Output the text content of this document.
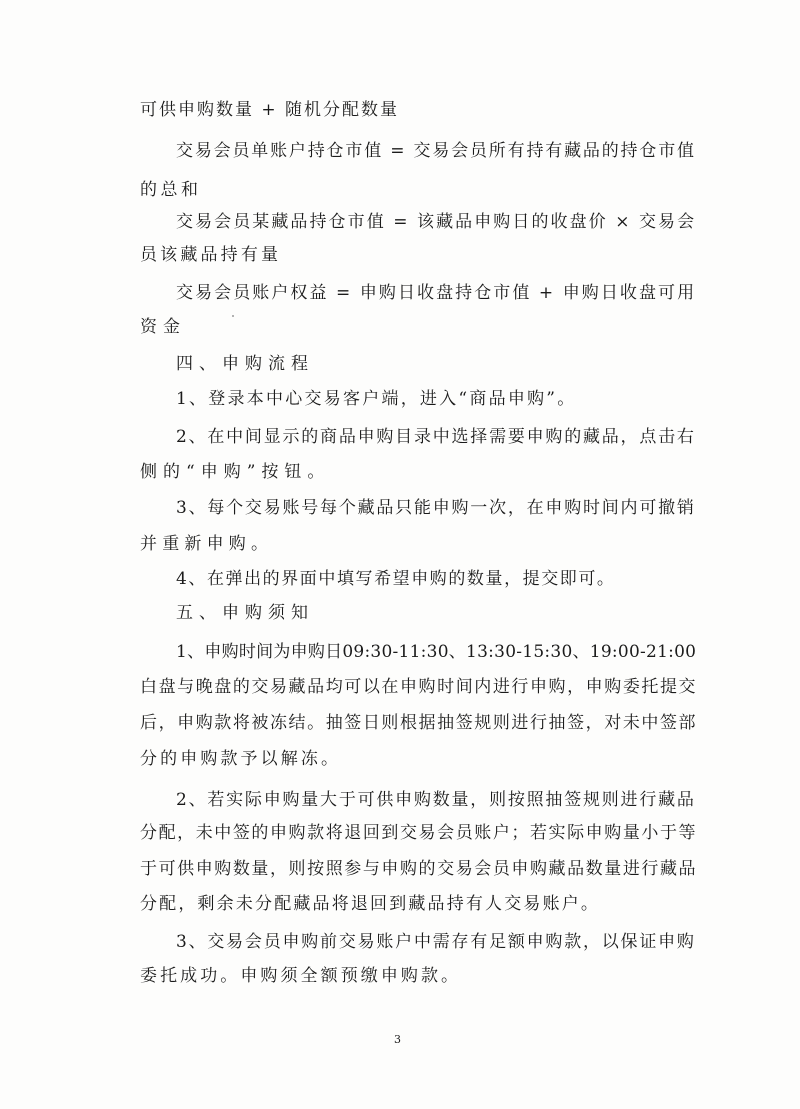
可供申购数量 + 随机分配数量
交易会员单账户持仓市值 = 交易会员所有持有藏品的持仓市值
的总和
交易会员某藏品持仓市值 = 该藏品申购日的收盘价 × 交易会
员该藏品持有量
交易会员账户权益 = 申购日收盘持仓市值 + 申购日收盘可用
资金
四、申购流程
1、登录本中心交易客户端，进入“商品申购”。
2、在中间显示的商品申购目录中选择需要申购的藏品，点击右
侧的“申购”按钮。
3、每个交易账号每个藏品只能申购一次，在申购时间内可撤销
并重新申购。
4、在弹出的界面中填写希望申购的数量，提交即可。
五、申购须知
1、申购时间为申购日09:30-11:30、13:30-15:30、19:00-21:00
白盘与晚盘的交易藏品均可以在申购时间内进行申购，申购委托提交
后，申购款将被冻结。抽签日则根据抽签规则进行抽签，对未中签部
分的申购款予以解冻。
2、若实际申购量大于可供申购数量，则按照抽签规则进行藏品
分配，未中签的申购款将退回到交易会员账户；若实际申购量小于等
于可供申购数量，则按照参与申购的交易会员申购藏品数量进行藏品
分配，剩余未分配藏品将退回到藏品持有人交易账户。
3、交易会员申购前交易账户中需存有足额申购款，以保证申购
委托成功。申购须全额预缴申购款。
3
